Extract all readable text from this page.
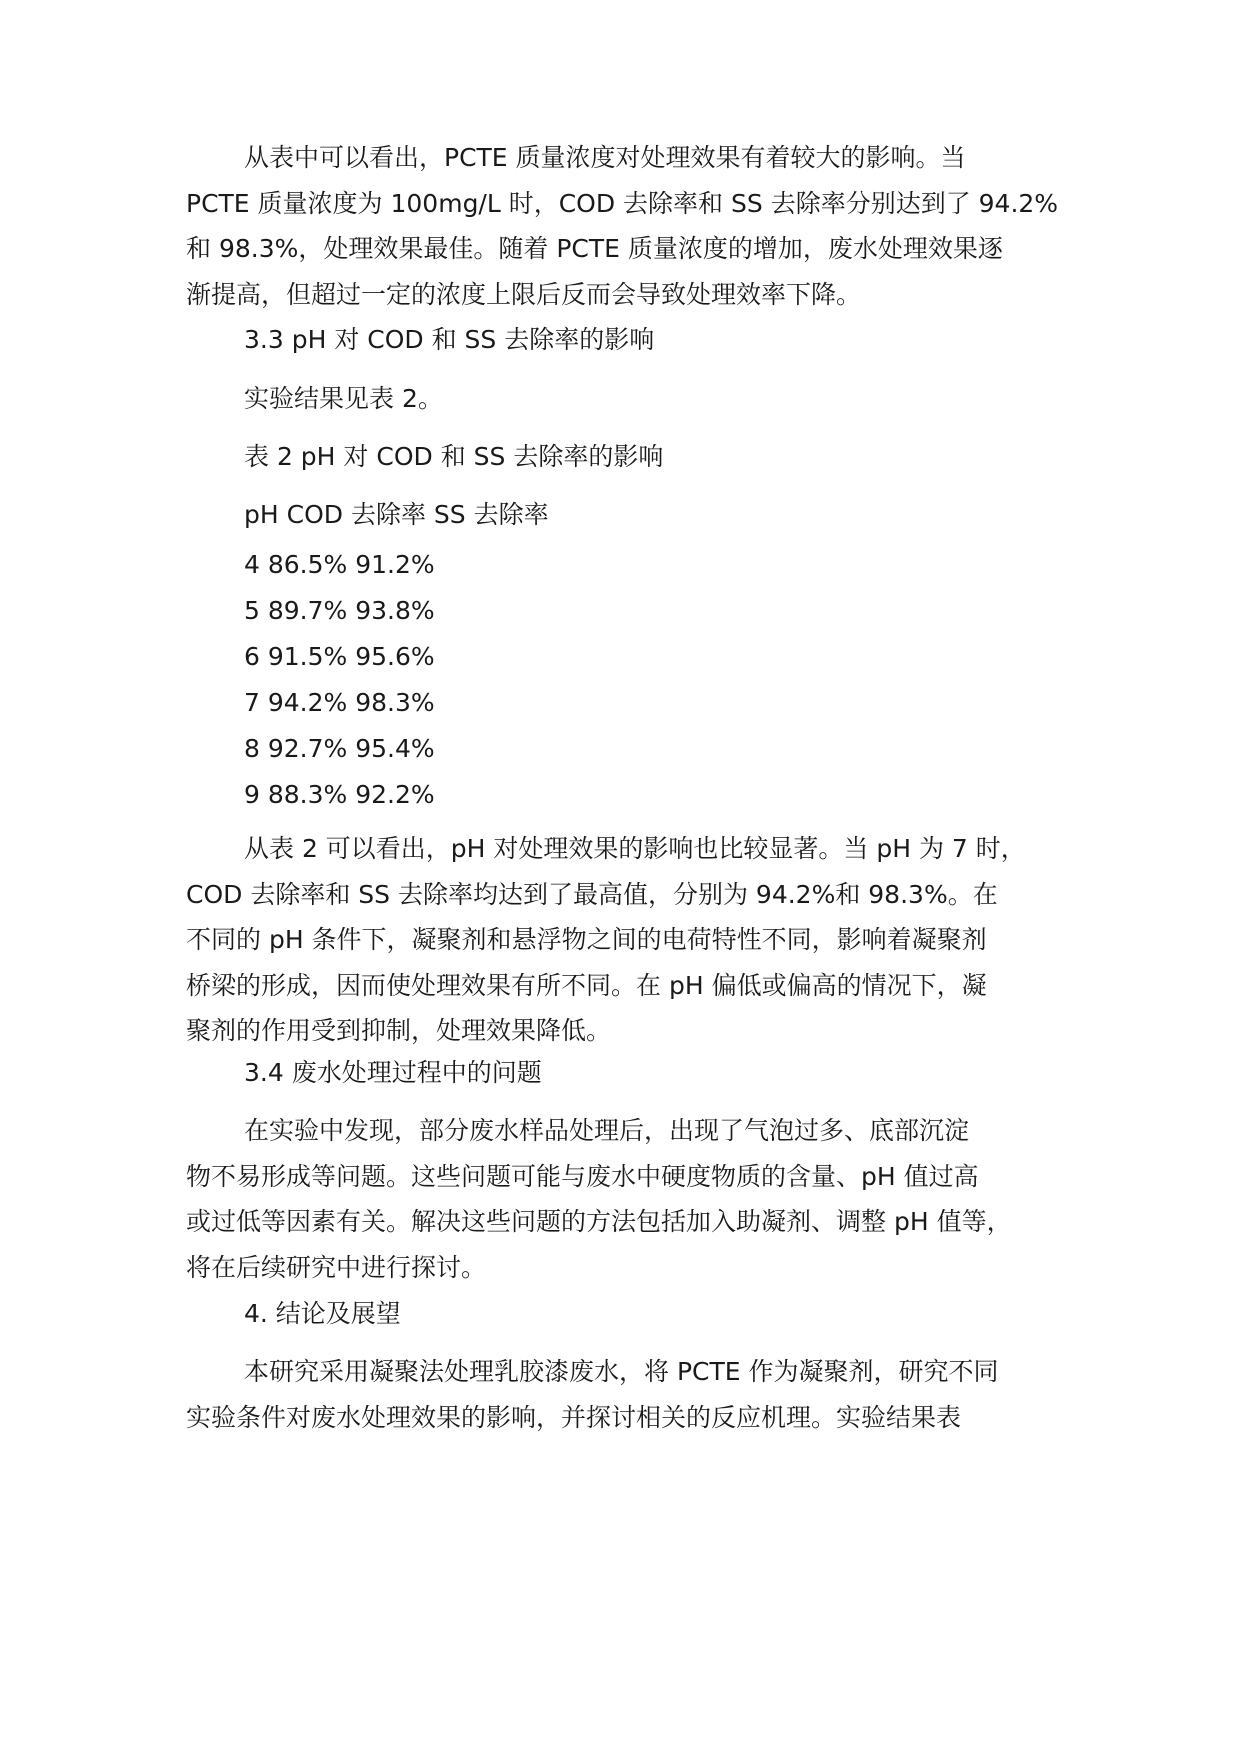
从表中可以看出，PCTE 质量浓度对处理效果有着较大的影响。当

PCTE 质量浓度为 100mg/L 时，COD 去除率和 SS 去除率分别达到了 94.2%

和 98.3%，处理效果最佳。随着 PCTE 质量浓度的增加，废水处理效果逐

渐提高，但超过一定的浓度上限后反而会导致处理效率下降。

3.3 pH 对 COD 和 SS 去除率的影响
实验结果见表 2。
表 2 pH 对 COD 和 SS 去除率的影响
pH COD 去除率 SS 去除率
4 86.5% 91.2%
5 89.7% 93.8%
6 91.5% 95.6%
7 94.2% 98.3%
8 92.7% 95.4%
9 88.3% 92.2%

从表 2 可以看出，pH 对处理效果的影响也比较显著。当 pH 为 7 时，

COD 去除率和 SS 去除率均达到了最高值，分别为 94.2%和 98.3%。在

不同的 pH 条件下，凝聚剂和悬浮物之间的电荷特性不同，影响着凝聚剂

桥梁的形成，因而使处理效果有所不同。在 pH 偏低或偏高的情况下，凝

聚剂的作用受到抑制，处理效果降低。

3.4 废水处理过程中的问题

在实验中发现，部分废水样品处理后，出现了气泡过多、底部沉淀

物不易形成等问题。这些问题可能与废水中硬度物质的含量、pH 值过高

或过低等因素有关。解决这些问题的方法包括加入助凝剂、调整 pH 值等，

将在后续研究中进行探讨。

4. 结论及展望

本研究采用凝聚法处理乳胶漆废水，将 PCTE 作为凝聚剂，研究不同

实验条件对废水处理效果的影响，并探讨相关的反应机理。实验结果表
